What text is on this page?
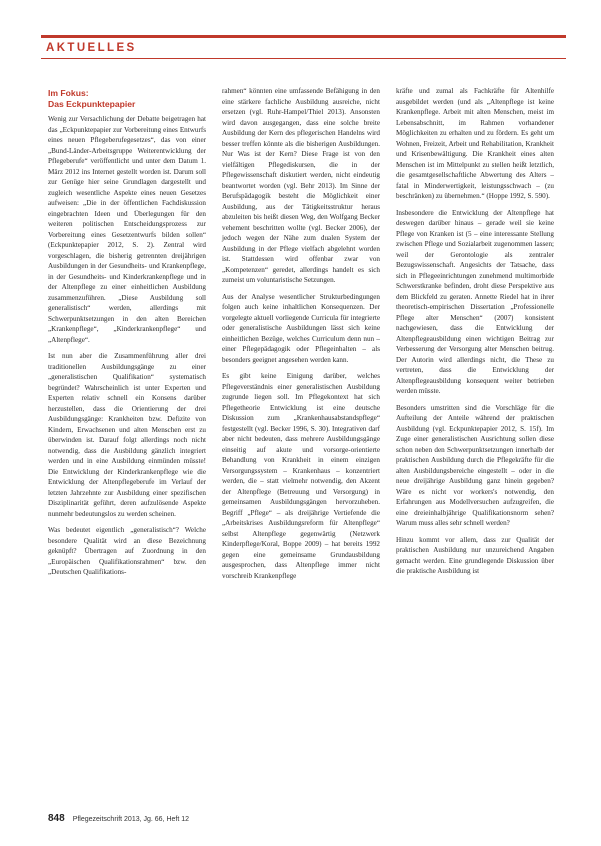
AKTUELLES
Im Fokus:
Das Eckpunktepapier

Wenig zur Versachlichung der Debatte beigetragen hat das „Eckpunktepapier zur Vorbereitung eines Entwurfs eines neuen Pflegeberufegesetzes“, das von einer „Bund-Länder-Arbeitsgruppe Weiterentwicklung der Pflegeberufe“ veröffentlicht und unter dem Datum 1. März 2012 ins Internet gestellt worden ist. Darum soll zur Genüge hier seine Grundlagen dargestellt und zugleich wesentliche Aspekte eines neuen Gesetzes aufweisen: „Die in der öffentlichen Fachdiskussion eingebrachten Ideen und Überlegungen für den weiteren politischen Entscheidungsprozess zur Vorbereitung eines Gesetzentwurfs bilden sollen“ (Eckpunktepapier 2012, S. 2). Zentral wird vorgeschlagen, die bisherig getrennten dreijährigen Ausbildungen in der Gesundheits- und Krankenpflege, in der Gesundheits- und Kinderkrankenpflege und in der Altenpflege zu einer einheitlichen Ausbildung zusammenzuführen. „Diese Ausbildung soll generalistisch“ werden, allerdings mit Schwerpunktsetzungen in den alten Bereichen „Krankenpflege“, „Kinderkrankenpflege“ und „Altenpflege“.

Ist nun aber die Zusammenführung aller drei traditionellen Ausbildungsgänge zu einer „generalistischen Qualifikation“ systematisch begründet? Wahrscheinlich ist unter Experten und Experten relativ schnell ein Konsens darüber herzustellen, dass die Orientierung der drei Ausbildungsgänge: Krankheiten bzw. Defizite von Kindern, Erwachsenen und alten Menschen erst zu überwinden ist. Darauf folgt allerdings noch nicht notwendig, dass die Ausbildung gänzlich integriert werden und in eine Ausbildung einmünden müsste! Die Entwicklung der Kinderkrankenpflege wie die Entwicklung der Altenpflegeberufe im Verlauf der letzten Jahrzehnte zur Ausbildung einer spezifischen Disziplinarität geführt, deren aufzulösende Aspekte nunmehr bedeutungslos zu werden scheinen.

Was bedeutet eigentlich „generalistisch“? Welche besondere Qualität wird an diese Bezeichnung geknüpft? Übertragen auf Zuordnung in den „Europäischen Qualifikationsrahmen“ bzw. den „Deutschen Qualifikations-

rahmen“ könnten eine umfassende Befähigung in den eine stärkere fachliche Ausbildung ausreiche, nicht ersetzen (vgl. Ruhr-Hampel/Thiel 2013). Ansonsten wird davon ausgegangen, dass eine solche breite Ausbildung der Kern des pflegerischen Handelns wird besser treffen könnte als die bisherigen Ausbildungen. Nur Was ist der Kern? Diese Frage ist von den vielfältigen Pflegediskursen, die in der Pflegewissenschaft diskutiert werden, nicht eindeutig beantwortet worden (vgl. Behr 2013). Im Sinne der Berufspädagogik besteht die Möglichkeit einer Ausbildung, aus der Tätigkeitsstruktur heraus abzuleiten bis heißt diesen Weg, den Wolfgang Becker vehement beschritten wollte (vgl. Becker 2006), der jedoch wegen der Nähe zum dualen System der Ausbildung in der Pflege vielfach abgelehnt worden ist. Stattdessen wird offenbar zwar von „Kompetenzen“ geredet, allerdings handelt es sich zumeist um voluntaristische Setzungen.

Aus der Analyse wesentlicher Strukturbedingungen folgen auch keine inhaltlichen Konsequenzen. Der vorgelegte aktuell vorliegende Curricula für integrierte oder generalistische Ausbildungen lässt sich keine einheitlichen Bezüge, welches Curriculum denn nun – einer Pflegepädagogik oder Pflegeinhalten – als besonders geeignet angesehen werden kann.

Es gibt keine Einigung darüber, welches Pflegeverständnis einer generalistischen Ausbildung zugrunde liegen soll. Im Pflegekontext hat sich Pflegetheorie Entwicklung ist eine deutsche Diskussion zum „Krankenhausabstandspflege“ festgestellt (vgl. Becker 1996, S. 30). Integrativen darf aber nicht bedeuten, dass mehrere Ausbildungsgänge einseitig auf akute und vorsorge-orientierte Behandlung von Krankheit in einem einzigen Versorgungssystem – Krankenhaus – konzentriert werden, die – statt vielmehr notwendig, den Akzent der Altenpflege (Betreuung und Versorgung) in gemeinsamen Ausbildungsgängen hervorzuheben. Begriff „Pflege“ – als dreijährige Vertiefende die „Arbeitskrises Ausbildungsreform für Altenpflege“ selbst Altenpflege gegenwärtig (Netzwerk Kinderpflege/Koral, Boppe 2009) – hat bereits 1992 gegen eine gemeinsame Grundausbildung ausgesprochen, dass Altenpflege immer nicht vorschreib Krankenpflege

kräfte und zumal als Fachkräfte für Altenhilfe ausgebildet werden (und als „Altenpflege ist keine Krankenpflege. Arbeit mit alten Menschen, meist im Lebensabschnitt, im Rahmen vorhandener Möglichkeiten zu erhalten und zu fördern. Es geht um Wohnen, Freizeit, Arbeit und Rehabilitation, Krankheit und Krisenbewältigung. Die Krankheit eines alten Menschen ist im Mittelpunkt zu stellen heißt letztlich, die gesamtgesellschaftliche Abwertung des Alters – fatal in Minderwertigkeit, leistungsschwach – (zu beschränken) zu übernehmen.“ (Hoppe 1992, S. 590).

Insbesondere die Entwicklung der Altenpflege hat deswegen darüber hinaus – gerade weil sie keine Pflege von Kranken ist (5 – eine interessante Stellung zwischen Pflege und Sozialarbeit zugenommen lassen; weil der Gerontologie als zentraler Bezugswissenschaft. Angesichts der Tatsache, dass sich in Pflegeeinrichtungen zunehmend multimorbide Schwerstkranke befinden, droht diese Perspektive aus dem Blickfeld zu geraten. Annette Riedel hat in ihrer theoretisch-empirischen Dissertation „Professionelle Pflege alter Menschen“ (2007) konsistent nachgewiesen, dass die Entwicklung der Altenpflegeausbildung einen wichtigen Beitrag zur Verbesserung der Versorgung alter Menschen beitrug. Der Autorin wird allerdings nicht, die These zu vertreten, dass die Entwicklung der Altenpflegeausbildung konsequent weiter betrieben werden müsste.

Besonders umstritten sind die Vorschläge für die Aufteilung der Anteile während der praktischen Ausbildung (vgl. Eckpunktepapier 2012, S. 15f). Im Zuge einer generalistischen Ausrichtung sollen diese schon neben den Schwerpunktsetzungen innerhalb der praktischen Ausbildung durch die Pflegekräfte für die alten Ausbildungsbereiche eingestellt – oder in die neue dreijährige Ausbildung ganz hinein gegeben? Wäre es nicht vor workers's notwendig, den Erfahrungen aus Modellversuchen aufzugreifen, die eine dreieinhalbjährige Qualifikationsnorm sehen? Warum muss alles sehr schnell werden?

Hinzu kommt vor allem, dass zur Qualität der praktischen Ausbildung nur unzureichend Angaben gemacht werden. Eine grundlegende Diskussion über die praktische Ausbildung ist

848 Pflegezeitschrift 2013, Jg. 66, Heft 12
